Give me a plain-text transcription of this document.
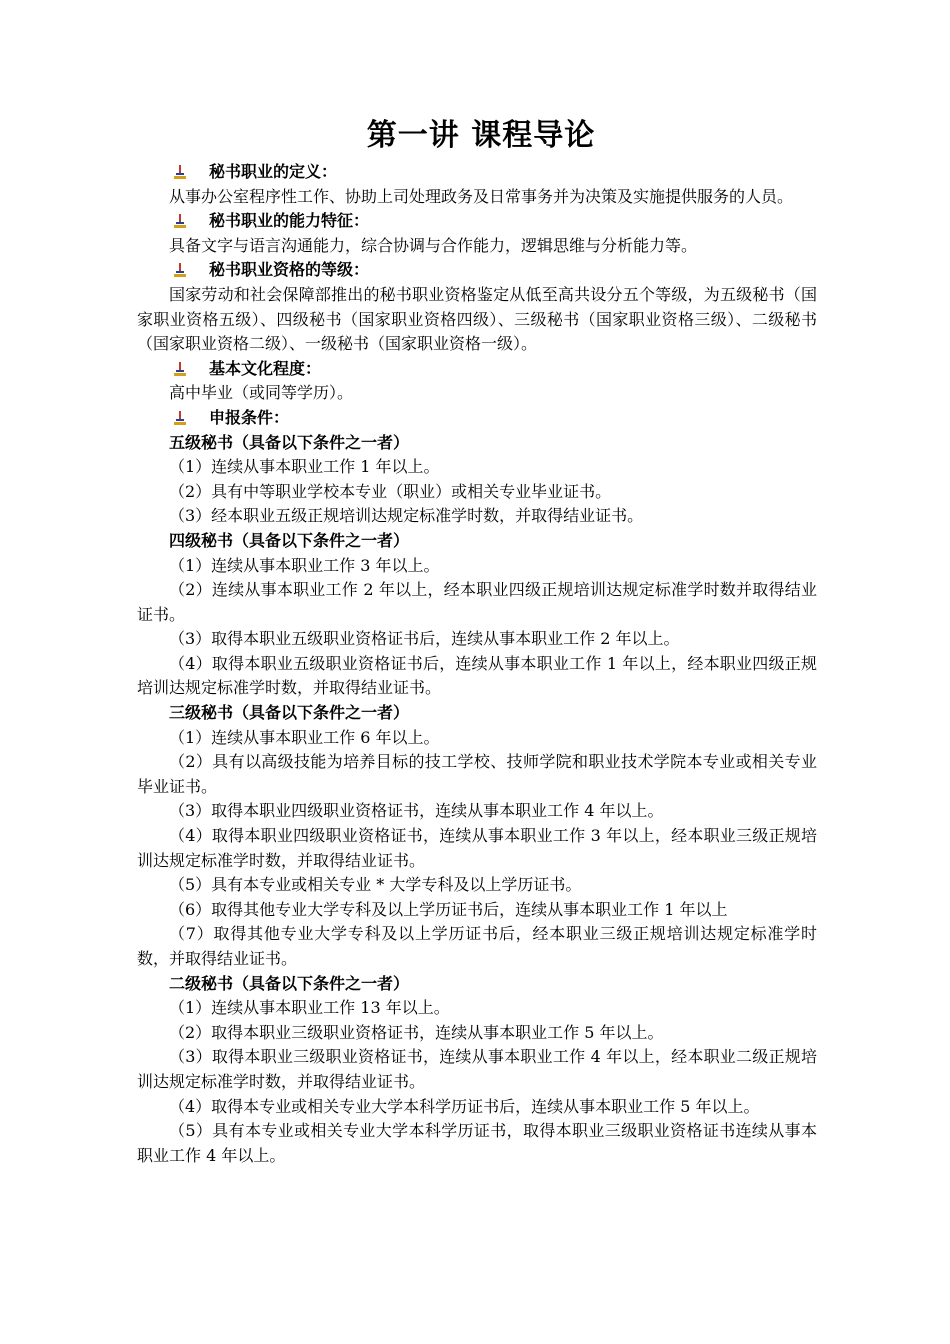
第一讲 课程导论
秘书职业的定义：
从事办公室程序性工作、协助上司处理政务及日常事务并为决策及实施提供服务的人员。
秘书职业的能力特征：
具备文字与语言沟通能力，综合协调与合作能力，逻辑思维与分析能力等。
秘书职业资格的等级：
国家劳动和社会保障部推出的秘书职业资格鉴定从低至高共设分五个等级，为五级秘书（国家职业资格五级）、四级秘书（国家职业资格四级）、三级秘书（国家职业资格三级）、二级秘书（国家职业资格二级）、一级秘书（国家职业资格一级）。
基本文化程度：
高中毕业（或同等学历）。
申报条件：
五级秘书（具备以下条件之一者）
（1）连续从事本职业工作 1 年以上。
（2）具有中等职业学校本专业（职业）或相关专业毕业证书。
（3）经本职业五级正规培训达规定标准学时数，并取得结业证书。
四级秘书（具备以下条件之一者）
（1）连续从事本职业工作 3 年以上。
（2）连续从事本职业工作 2 年以上，经本职业四级正规培训达规定标准学时数并取得结业证书。
（3）取得本职业五级职业资格证书后，连续从事本职业工作 2 年以上。
（4）取得本职业五级职业资格证书后，连续从事本职业工作 1 年以上，经本职业四级正规培训达规定标准学时数，并取得结业证书。
三级秘书（具备以下条件之一者）
（1）连续从事本职业工作 6 年以上。
（2）具有以高级技能为培养目标的技工学校、技师学院和职业技术学院本专业或相关专业毕业证书。
（3）取得本职业四级职业资格证书，连续从事本职业工作 4 年以上。
（4）取得本职业四级职业资格证书，连续从事本职业工作 3 年以上，经本职业三级正规培训达规定标准学时数，并取得结业证书。
（5）具有本专业或相关专业 * 大学专科及以上学历证书。
（6）取得其他专业大学专科及以上学历证书后，连续从事本职业工作 1 年以上
（7）取得其他专业大学专科及以上学历证书后，经本职业三级正规培训达规定标准学时数，并取得结业证书。
二级秘书（具备以下条件之一者）
（1）连续从事本职业工作 13 年以上。
（2）取得本职业三级职业资格证书，连续从事本职业工作 5 年以上。
（3）取得本职业三级职业资格证书，连续从事本职业工作 4 年以上，经本职业二级正规培训达规定标准学时数，并取得结业证书。
（4）取得本专业或相关专业大学本科学历证书后，连续从事本职业工作 5 年以上。
（5）具有本专业或相关专业大学本科学历证书，取得本职业三级职业资格证书连续从事本职业工作 4 年以上。
